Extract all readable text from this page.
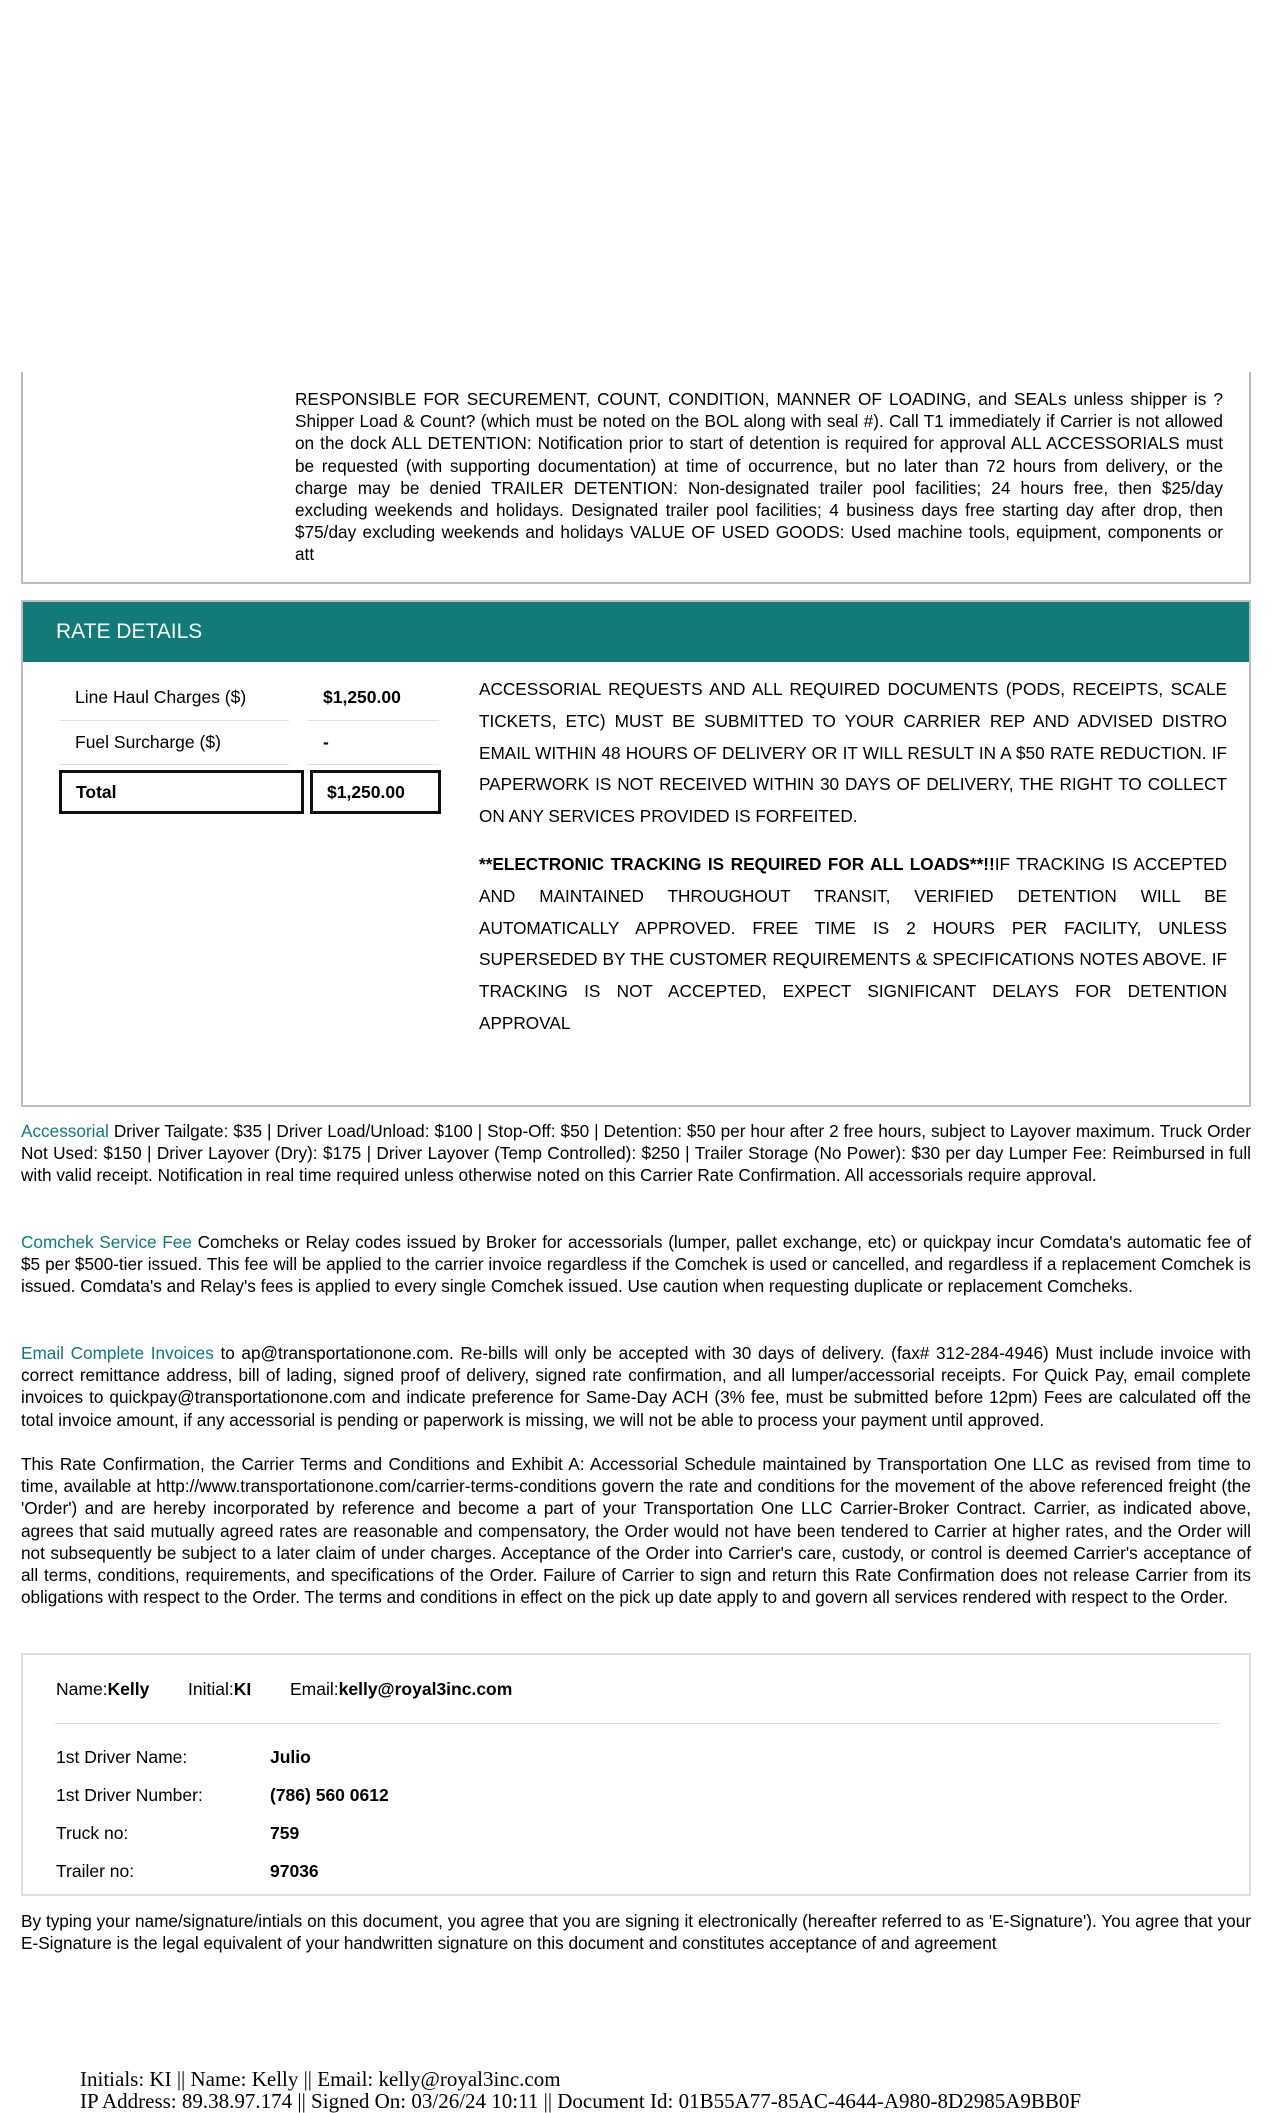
RESPONSIBLE FOR SECUREMENT, COUNT, CONDITION, MANNER OF LOADING, and SEALs unless shipper is ?Shipper Load & Count? (which must be noted on the BOL along with seal #). Call T1 immediately if Carrier is not allowed on the dock ALL DETENTION: Notification prior to start of detention is required for approval ALL ACCESSORIALS must be requested (with supporting documentation) at time of occurrence, but no later than 72 hours from delivery, or the charge may be denied TRAILER DETENTION: Non-designated trailer pool facilities; 24 hours free, then $25/day excluding weekends and holidays. Designated trailer pool facilities; 4 business days free starting day after drop, then $75/day excluding weekends and holidays VALUE OF USED GOODS: Used machine tools, equipment, components or att
RATE DETAILS
Line Haul Charges ($)	$1,250.00
Fuel Surcharge ($)	-
Total	$1,250.00

ACCESSORIAL REQUESTS AND ALL REQUIRED DOCUMENTS (PODS, RECEIPTS, SCALE TICKETS, ETC) MUST BE SUBMITTED TO YOUR CARRIER REP AND ADVISED DISTRO EMAIL WITHIN 48 HOURS OF DELIVERY OR IT WILL RESULT IN A $50 RATE REDUCTION. IF PAPERWORK IS NOT RECEIVED WITHIN 30 DAYS OF DELIVERY, THE RIGHT TO COLLECT ON ANY SERVICES PROVIDED IS FORFEITED.

**ELECTRONIC TRACKING IS REQUIRED FOR ALL LOADS**!!IF TRACKING IS ACCEPTED AND MAINTAINED THROUGHOUT TRANSIT, VERIFIED DETENTION WILL BE AUTOMATICALLY APPROVED. FREE TIME IS 2 HOURS PER FACILITY, UNLESS SUPERSEDED BY THE CUSTOMER REQUIREMENTS & SPECIFICATIONS NOTES ABOVE. IF TRACKING IS NOT ACCEPTED, EXPECT SIGNIFICANT DELAYS FOR DETENTION APPROVAL

Accessorial Driver Tailgate: $35 | Driver Load/Unload: $100 | Stop-Off: $50 | Detention: $50 per hour after 2 free hours, subject to Layover maximum. Truck Order Not Used: $150 | Driver Layover (Dry): $175 | Driver Layover (Temp Controlled): $250 | Trailer Storage (No Power): $30 per day Lumper Fee: Reimbursed in full with valid receipt. Notification in real time required unless otherwise noted on this Carrier Rate Confirmation. All accessorials require approval.
Comchek Service Fee Comcheks or Relay codes issued by Broker for accessorials (lumper, pallet exchange, etc) or quickpay incur Comdata's automatic fee of $5 per $500-tier issued. This fee will be applied to the carrier invoice regardless if the Comchek is used or cancelled, and regardless if a replacement Comchek is issued. Comdata's and Relay's fees is applied to every single Comchek issued. Use caution when requesting duplicate or replacement Comcheks.
Email Complete Invoices to ap@transportationone.com. Re-bills will only be accepted with 30 days of delivery. (fax# 312-284-4946) Must include invoice with correct remittance address, bill of lading, signed proof of delivery, signed rate confirmation, and all lumper/accessorial receipts. For Quick Pay, email complete invoices to quickpay@transportationone.com and indicate preference for Same-Day ACH (3% fee, must be submitted before 12pm) Fees are calculated off the total invoice amount, if any accessorial is pending or paperwork is missing, we will not be able to process your payment until approved.
This Rate Confirmation, the Carrier Terms and Conditions and Exhibit A: Accessorial Schedule maintained by Transportation One LLC as revised from time to time, available at http://www.transportationone.com/carrier-terms-conditions govern the rate and conditions for the movement of the above referenced freight (the 'Order') and are hereby incorporated by reference and become a part of your Transportation One LLC Carrier-Broker Contract. Carrier, as indicated above, agrees that said mutually agreed rates are reasonable and compensatory, the Order would not have been tendered to Carrier at higher rates, and the Order will not subsequently be subject to a later claim of under charges. Acceptance of the Order into Carrier's care, custody, or control is deemed Carrier's acceptance of all terms, conditions, requirements, and specifications of the Order. Failure of Carrier to sign and return this Rate Confirmation does not release Carrier from its obligations with respect to the Order. The terms and conditions in effect on the pick up date apply to and govern all services rendered with respect to the Order.
Name:Kelly Initial:KI Email:kelly@royal3inc.com
1st Driver Name:	Julio
1st Driver Number:	(786) 560 0612
Truck no:	759
Trailer no:	97036
By typing your name/signature/intials on this document, you agree that you are signing it electronically (hereafter referred to as 'E-Signature'). You agree that your E-Signature is the legal equivalent of your handwritten signature on this document and constitutes acceptance of and agreement
Initials: KI || Name: Kelly || Email: kelly@royal3inc.com
IP Address: 89.38.97.174 || Signed On: 03/26/24 10:11 || Document Id: 01B55A77-85AC-4644-A980-8D2985A9BB0F
